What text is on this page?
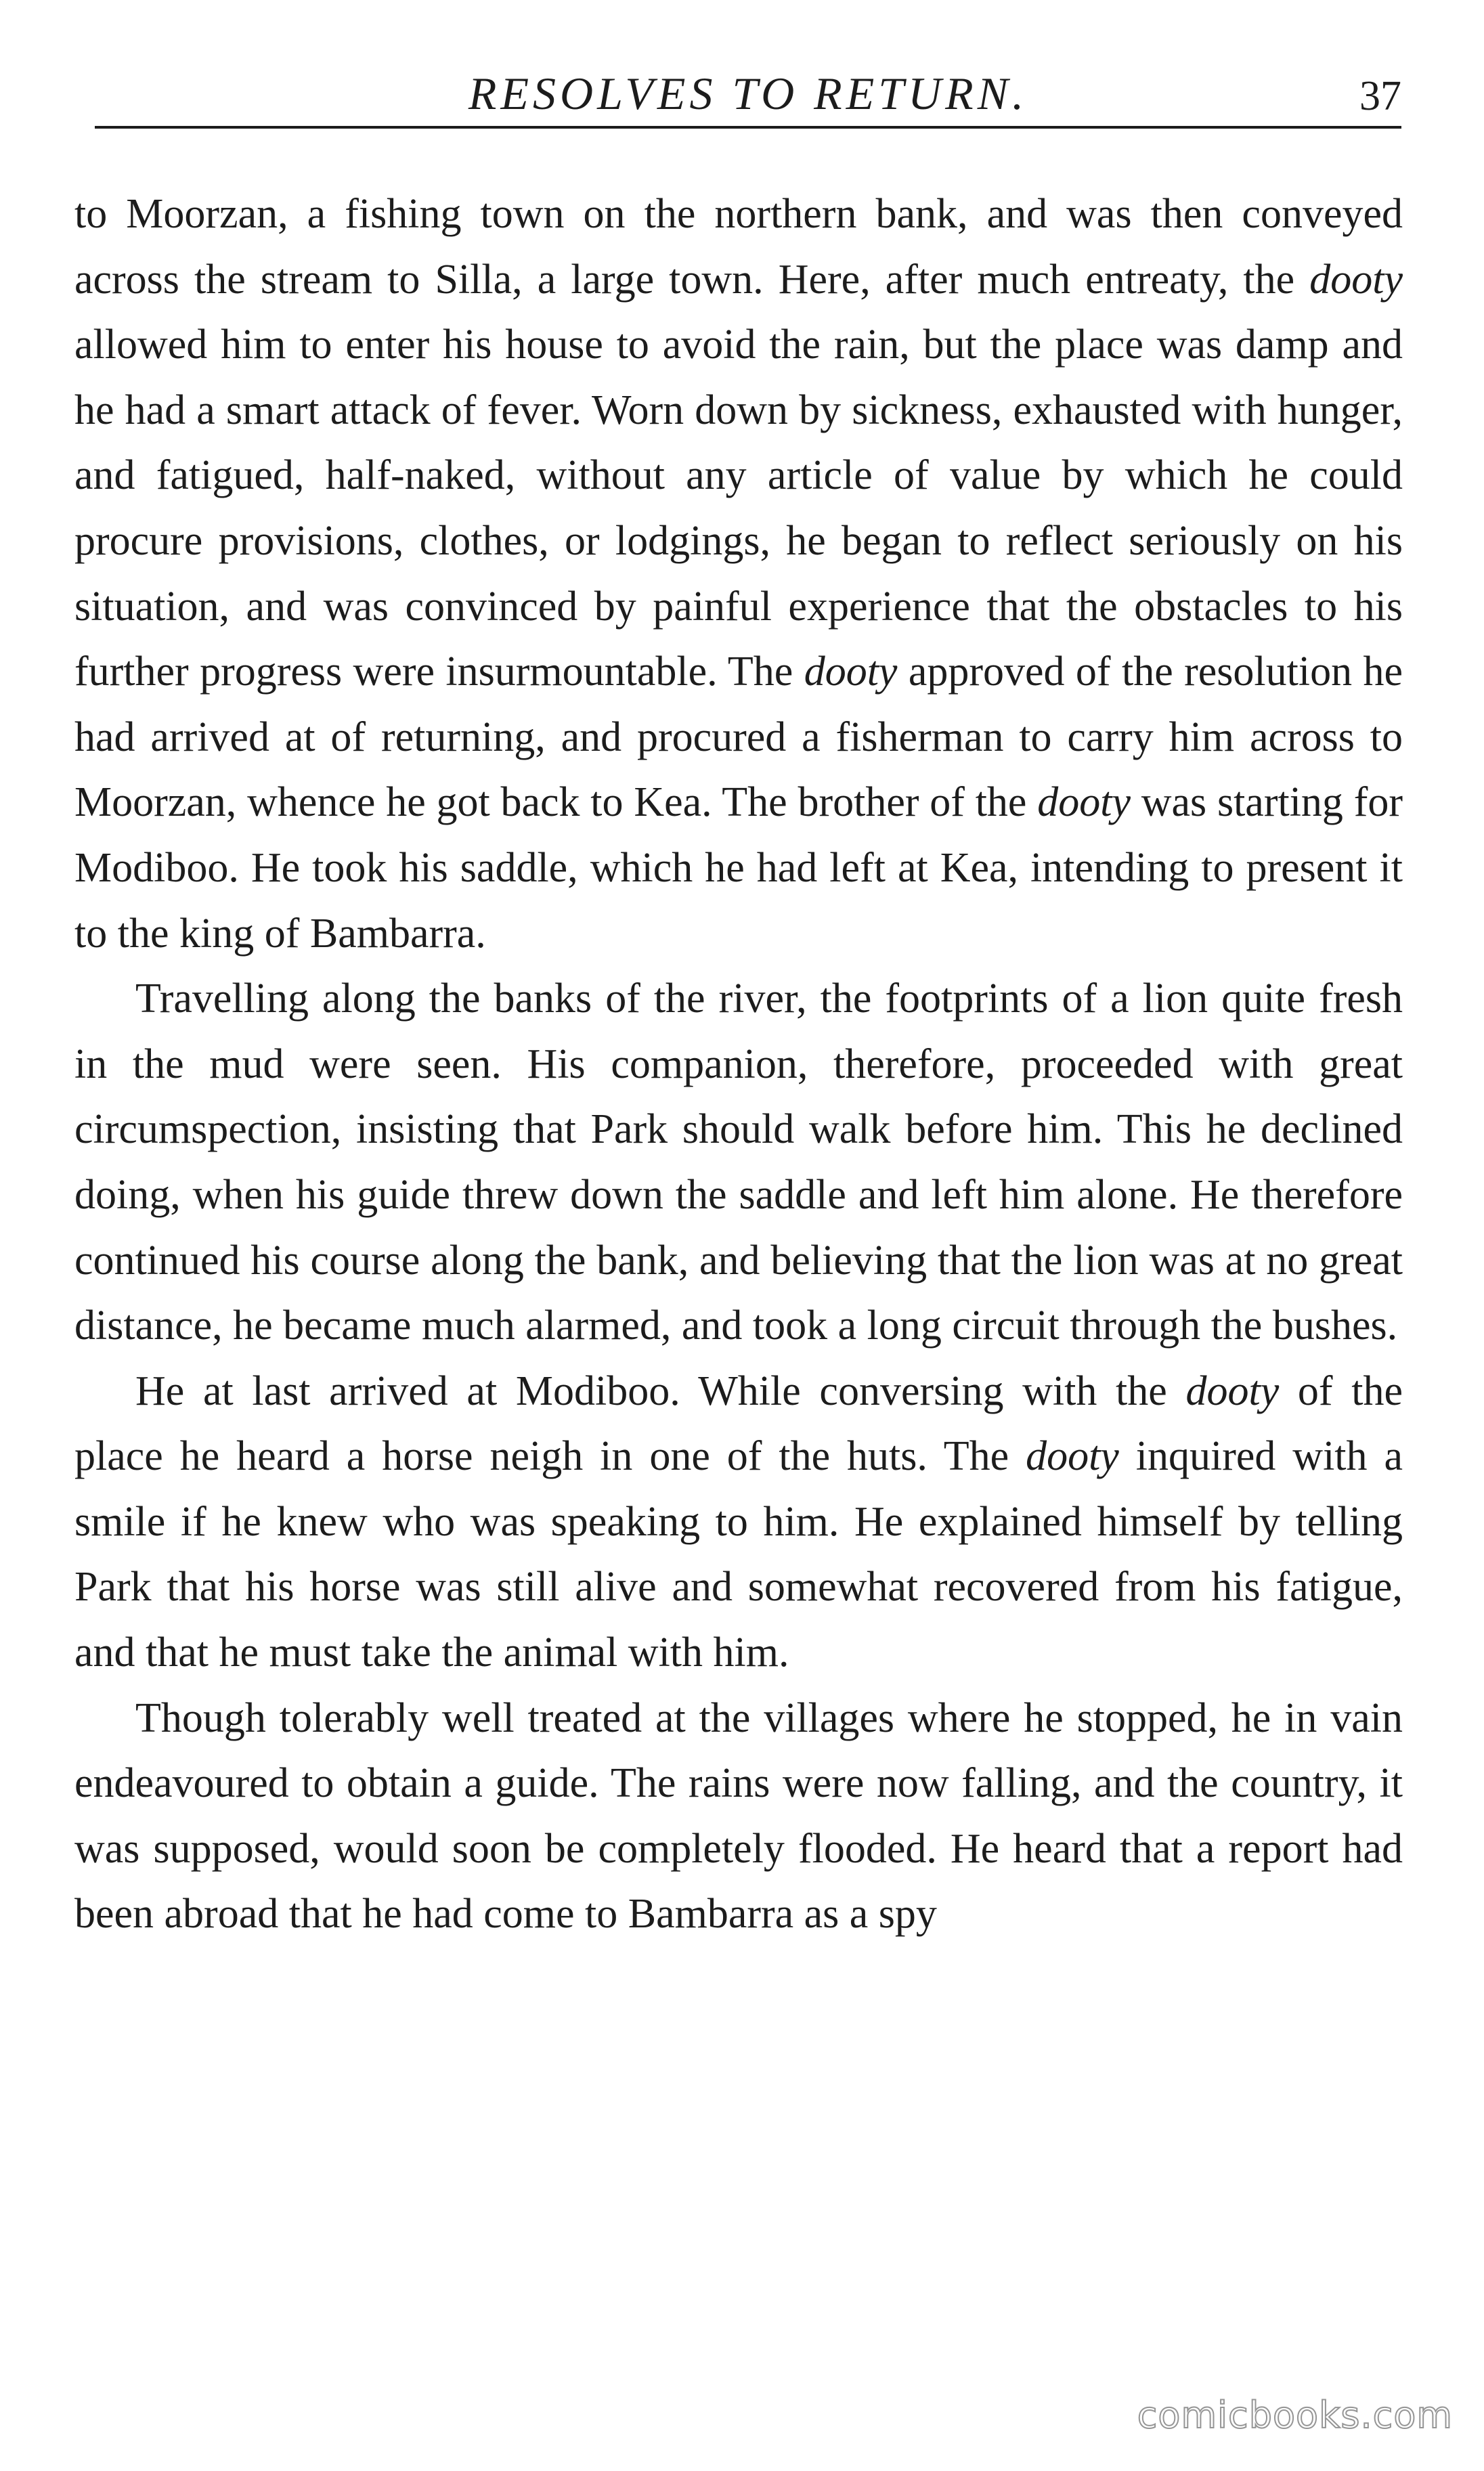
RESOLVES TO RETURN.	37

to Moorzan, a fishing town on the northern bank, and was then conveyed across the stream to Silla, a large town. Here, after much entreaty, the dooty allowed him to enter his house to avoid the rain, but the place was damp and he had a smart attack of fever. Worn down by sickness, exhausted with hunger, and fatigued, half-naked, without any article of value by which he could procure provisions, clothes, or lodgings, he began to reflect seriously on his situation, and was convinced by painful experience that the obstacles to his further progress were insurmountable. The dooty approved of the resolution he had arrived at of returning, and procured a fisherman to carry him across to Moorzan, whence he got back to Kea. The brother of the dooty was starting for Modiboo. He took his saddle, which he had left at Kea, intending to present it to the king of Bambarra.

Travelling along the banks of the river, the footprints of a lion quite fresh in the mud were seen. His companion, therefore, proceeded with great circumspection, insisting that Park should walk before him. This he declined doing, when his guide threw down the saddle and left him alone. He therefore continued his course along the bank, and believing that the lion was at no great distance, he became much alarmed, and took a long circuit through the bushes.

He at last arrived at Modiboo. While conversing with the dooty of the place he heard a horse neigh in one of the huts. The dooty inquired with a smile if he knew who was speaking to him. He explained himself by telling Park that his horse was still alive and somewhat recovered from his fatigue, and that he must take the animal with him.

Though tolerably well treated at the villages where he stopped, he in vain endeavoured to obtain a guide. The rains were now falling, and the country, it was supposed, would soon be completely flooded. He heard that a report had been abroad that he had come to Bambarra as a spy

comicbooks.com
